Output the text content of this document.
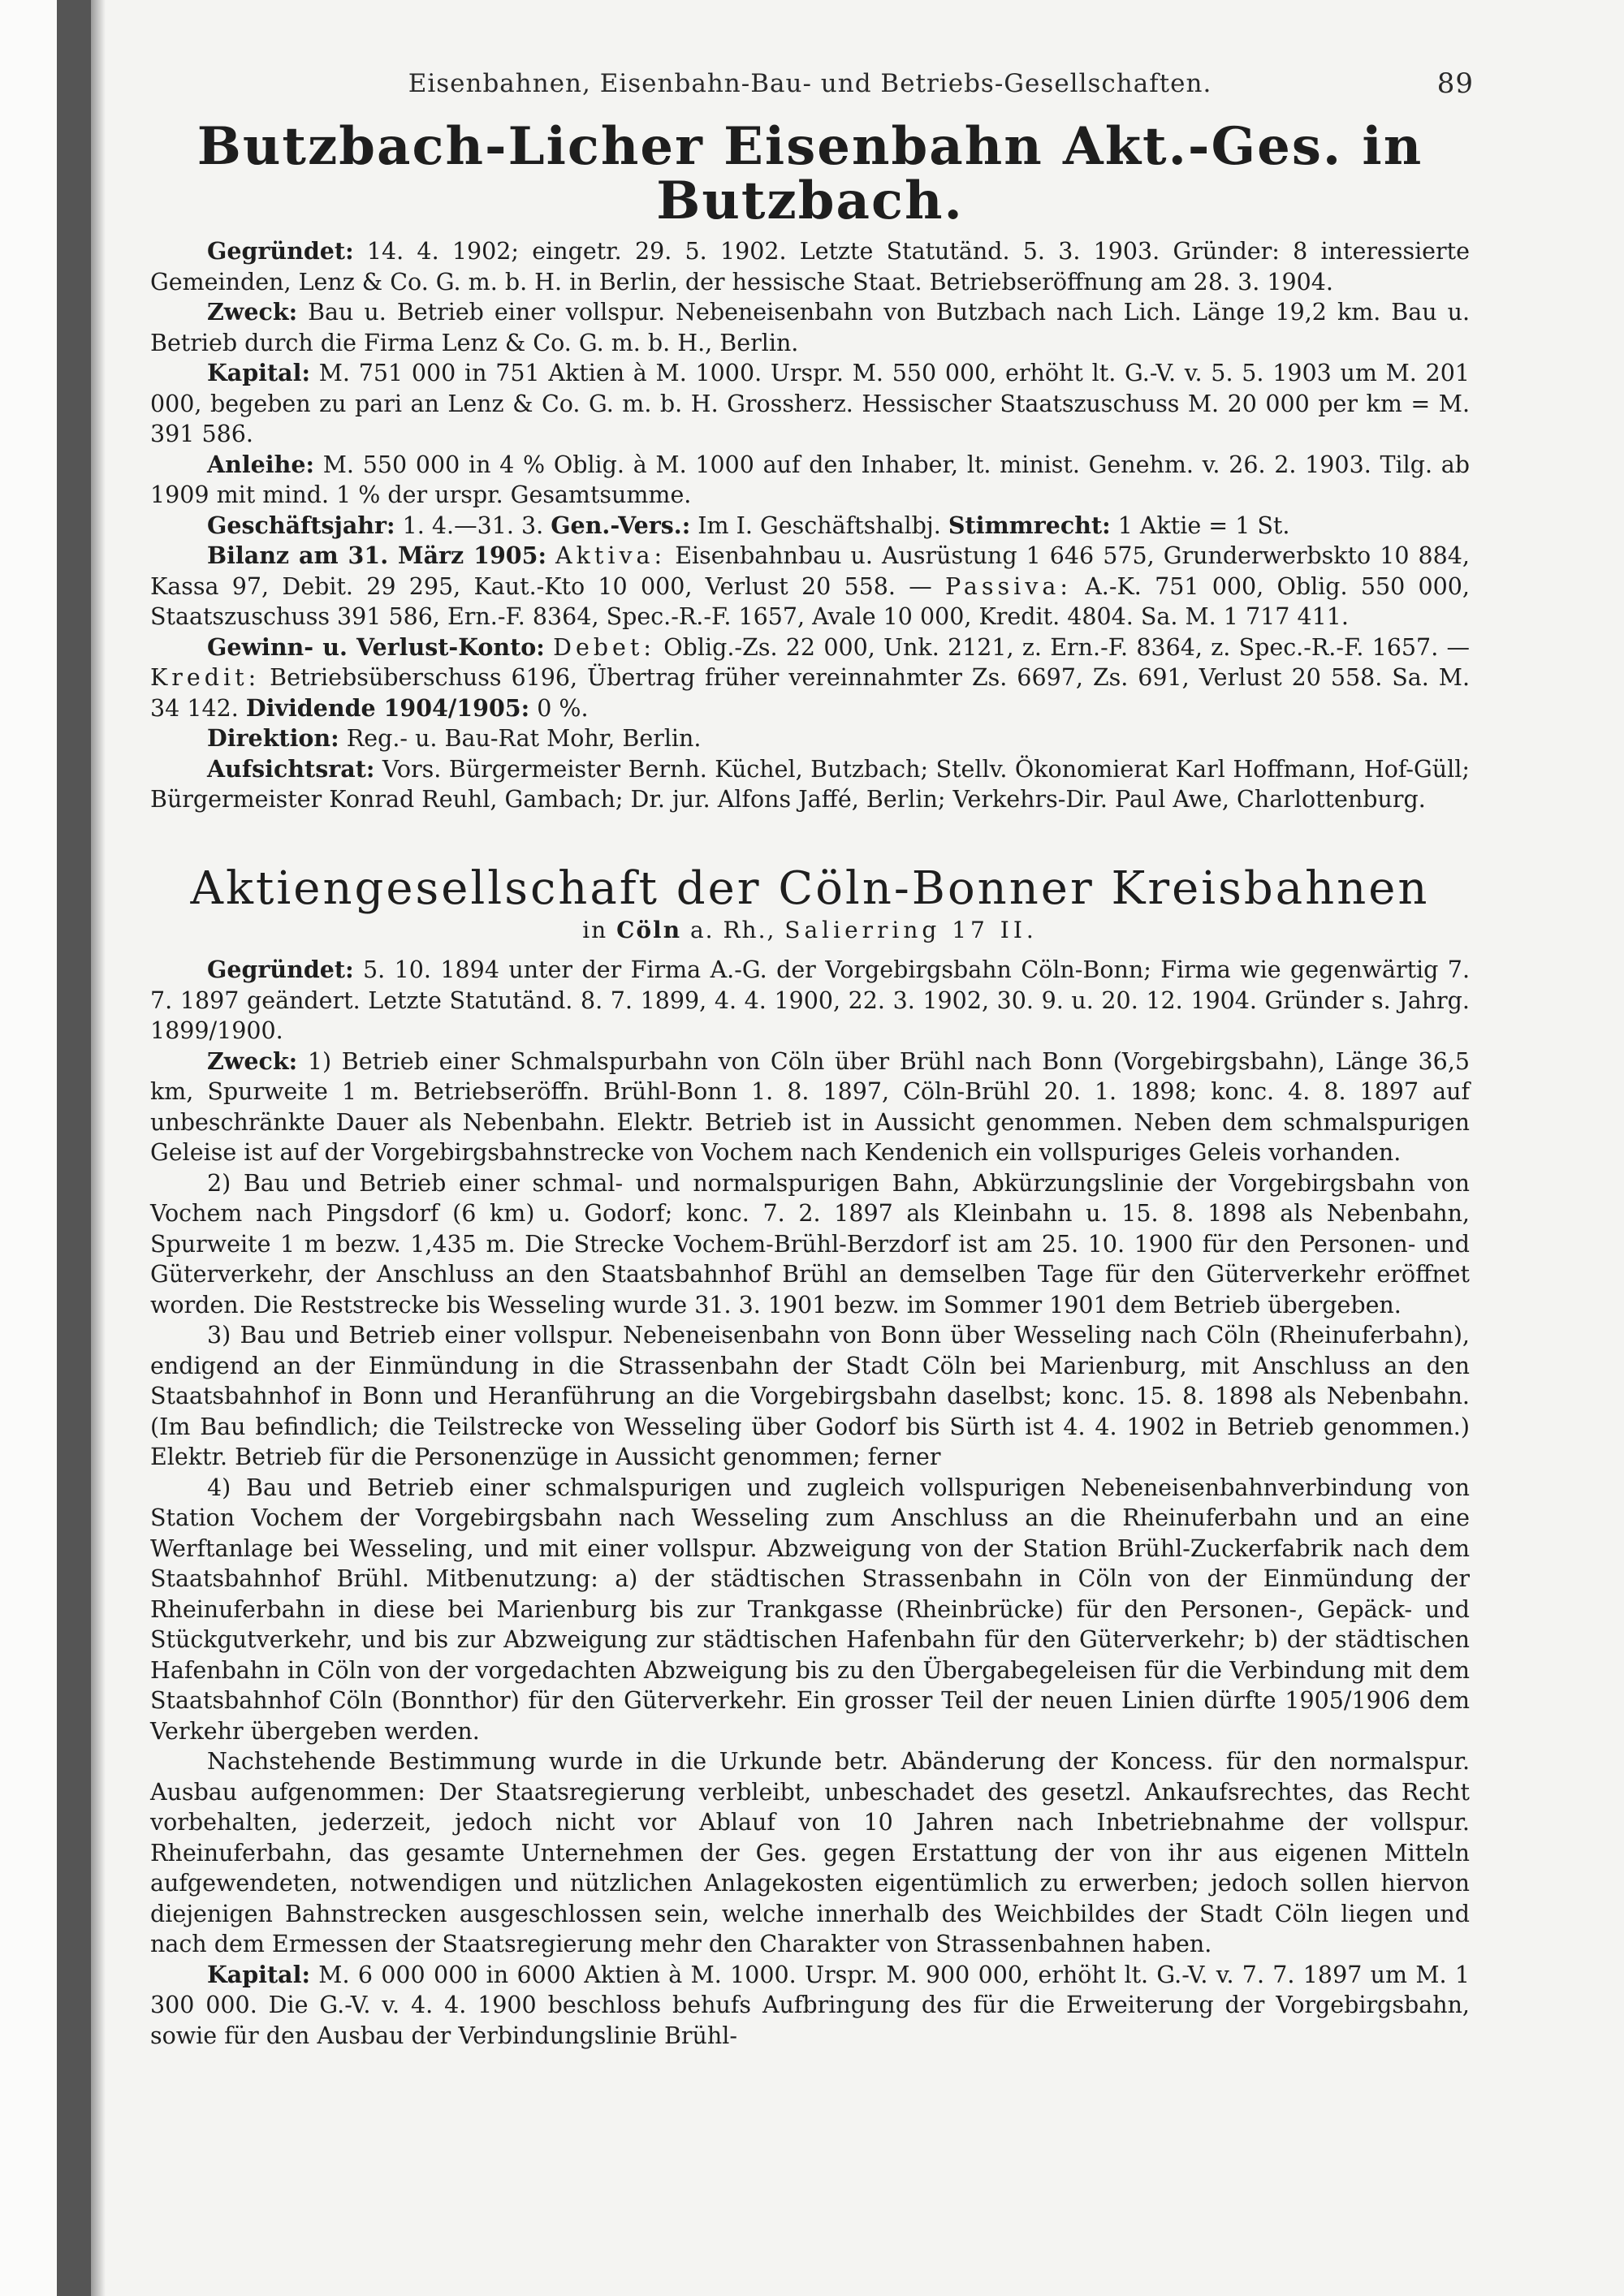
Eisenbahnen, Eisenbahn-Bau- und Betriebs-Gesellschaften.	89
Butzbach-Licher Eisenbahn Akt.-Ges. in Butzbach.

Gegründet: 14. 4. 1902; eingetr. 29. 5. 1902. Letzte Statutänd. 5. 3. 1903. Gründer: 8 interessierte Gemeinden, Lenz & Co. G. m. b. H. in Berlin, der hessische Staat. Betriebseröffnung am 28. 3. 1904.

Zweck: Bau u. Betrieb einer vollspur. Nebeneisenbahn von Butzbach nach Lich. Länge 19,2 km. Bau u. Betrieb durch die Firma Lenz & Co. G. m. b. H., Berlin.

Kapital: M. 751 000 in 751 Aktien à M. 1000. Urspr. M. 550 000, erhöht lt. G.-V. v. 5. 5. 1903 um M. 201 000, begeben zu pari an Lenz & Co. G. m. b. H. Grossherz. Hessischer Staatszuschuss M. 20 000 per km = M. 391 586.

Anleihe: M. 550 000 in 4 % Oblig. à M. 1000 auf den Inhaber, lt. minist. Genehm. v. 26. 2. 1903. Tilg. ab 1909 mit mind. 1 % der urspr. Gesamtsumme.

Geschäftsjahr: 1. 4.—31. 3. Gen.-Vers.: Im I. Geschäftshalbj. Stimmrecht: 1 Aktie = 1 St.

Bilanz am 31. März 1905: Aktiva: Eisenbahnbau u. Ausrüstung 1 646 575, Grunderwerbskto 10 884, Kassa 97, Debit. 29 295, Kaut.-Kto 10 000, Verlust 20 558. — Passiva: A.-K. 751 000, Oblig. 550 000, Staatszuschuss 391 586, Ern.-F. 8364, Spec.-R.-F. 1657, Avale 10 000, Kredit. 4804. Sa. M. 1 717 411.

Gewinn- u. Verlust-Konto: Debet: Oblig.-Zs. 22 000, Unk. 2121, z. Ern.-F. 8364, z. Spec.-R.-F. 1657. — Kredit: Betriebsüberschuss 6196, Übertrag früher vereinnahmter Zs. 6697, Zs. 691, Verlust 20 558. Sa. M. 34 142. Dividende 1904/1905: 0 %.

Direktion: Reg.- u. Bau-Rat Mohr, Berlin.

Aufsichtsrat: Vors. Bürgermeister Bernh. Küchel, Butzbach; Stellv. Ökonomierat Karl Hoffmann, Hof-Güll; Bürgermeister Konrad Reuhl, Gambach; Dr. jur. Alfons Jaffé, Berlin; Verkehrs-Dir. Paul Awe, Charlottenburg.

Aktiengesellschaft der Cöln-Bonner Kreisbahnen
in Cöln a. Rh., Salierring 17 II.

Gegründet: 5. 10. 1894 unter der Firma A.-G. der Vorgebirgsbahn Cöln-Bonn; Firma wie gegenwärtig 7. 7. 1897 geändert. Letzte Statutänd. 8. 7. 1899, 4. 4. 1900, 22. 3. 1902, 30. 9. u. 20. 12. 1904. Gründer s. Jahrg. 1899/1900.

Zweck: 1) Betrieb einer Schmalspurbahn von Cöln über Brühl nach Bonn (Vorgebirgsbahn), Länge 36,5 km, Spurweite 1 m. Betriebseröffn. Brühl-Bonn 1. 8. 1897, Cöln-Brühl 20. 1. 1898; konc. 4. 8. 1897 auf unbeschränkte Dauer als Nebenbahn. Elektr. Betrieb ist in Aussicht genommen. Neben dem schmalspurigen Geleise ist auf der Vorgebirgsbahnstrecke von Vochem nach Kendenich ein vollspuriges Geleis vorhanden.

2) Bau und Betrieb einer schmal- und normalspurigen Bahn, Abkürzungslinie der Vorgebirgsbahn von Vochem nach Pingsdorf (6 km) u. Godorf; konc. 7. 2. 1897 als Kleinbahn u. 15. 8. 1898 als Nebenbahn, Spurweite 1 m bezw. 1,435 m. Die Strecke Vochem-Brühl-Berzdorf ist am 25. 10. 1900 für den Personen- und Güterverkehr, der Anschluss an den Staatsbahnhof Brühl an demselben Tage für den Güterverkehr eröffnet worden. Die Reststrecke bis Wesseling wurde 31. 3. 1901 bezw. im Sommer 1901 dem Betrieb übergeben.

3) Bau und Betrieb einer vollspur. Nebeneisenbahn von Bonn über Wesseling nach Cöln (Rheinuferbahn), endigend an der Einmündung in die Strassenbahn der Stadt Cöln bei Marienburg, mit Anschluss an den Staatsbahnhof in Bonn und Heranführung an die Vorgebirgsbahn daselbst; konc. 15. 8. 1898 als Nebenbahn. (Im Bau befindlich; die Teilstrecke von Wesseling über Godorf bis Sürth ist 4. 4. 1902 in Betrieb genommen.) Elektr. Betrieb für die Personenzüge in Aussicht genommen; ferner

4) Bau und Betrieb einer schmalspurigen und zugleich vollspurigen Nebeneisenbahnverbindung von Station Vochem der Vorgebirgsbahn nach Wesseling zum Anschluss an die Rheinuferbahn und an eine Werftanlage bei Wesseling, und mit einer vollspur. Abzweigung von der Station Brühl-Zuckerfabrik nach dem Staatsbahnhof Brühl. Mitbenutzung: a) der städtischen Strassenbahn in Cöln von der Einmündung der Rheinuferbahn in diese bei Marienburg bis zur Trankgasse (Rheinbrücke) für den Personen-, Gepäck- und Stückgutverkehr, und bis zur Abzweigung zur städtischen Hafenbahn für den Güterverkehr; b) der städtischen Hafenbahn in Cöln von der vorgedachten Abzweigung bis zu den Übergabegeleisen für die Verbindung mit dem Staatsbahnhof Cöln (Bonnthor) für den Güterverkehr. Ein grosser Teil der neuen Linien dürfte 1905/1906 dem Verkehr übergeben werden.

Nachstehende Bestimmung wurde in die Urkunde betr. Abänderung der Koncess. für den normalspur. Ausbau aufgenommen: Der Staatsregierung verbleibt, unbeschadet des gesetzl. Ankaufsrechtes, das Recht vorbehalten, jederzeit, jedoch nicht vor Ablauf von 10 Jahren nach Inbetriebnahme der vollspur. Rheinuferbahn, das gesamte Unternehmen der Ges. gegen Erstattung der von ihr aus eigenen Mitteln aufgewendeten, notwendigen und nützlichen Anlagekosten eigentümlich zu erwerben; jedoch sollen hiervon diejenigen Bahnstrecken ausgeschlossen sein, welche innerhalb des Weichbildes der Stadt Cöln liegen und nach dem Ermessen der Staatsregierung mehr den Charakter von Strassenbahnen haben.

Kapital: M. 6 000 000 in 6000 Aktien à M. 1000. Urspr. M. 900 000, erhöht lt. G.-V. v. 7. 7. 1897 um M. 1 300 000. Die G.-V. v. 4. 4. 1900 beschloss behufs Aufbringung des für die Erweiterung der Vorgebirgsbahn, sowie für den Ausbau der Verbindungslinie Brühl-
